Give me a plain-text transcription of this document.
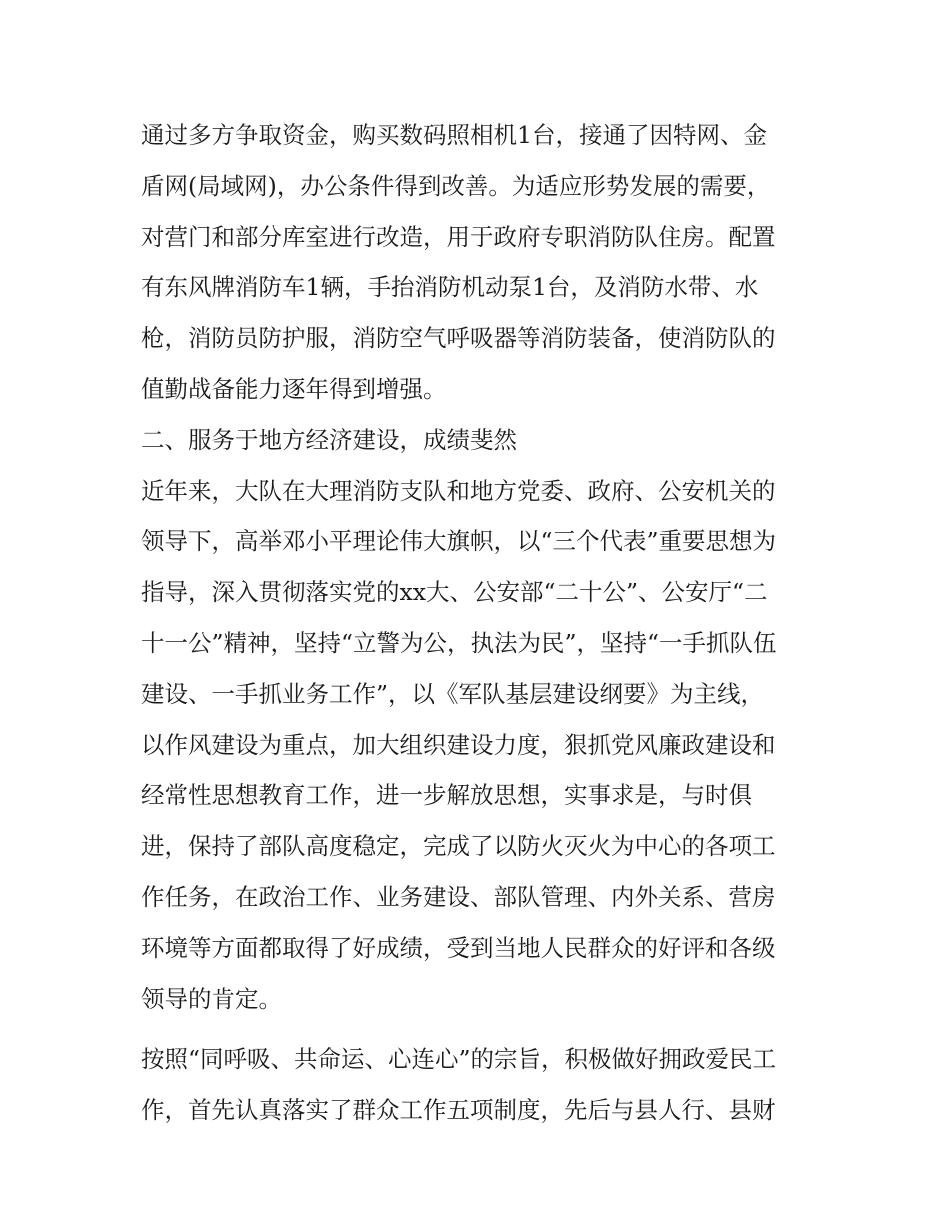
通过多方争取资金，购买数码照相机1台，接通了因特网、金
盾网(局域网)，办公条件得到改善。为适应形势发展的需要，
对营门和部分库室进行改造，用于政府专职消防队住房。配置
有东风牌消防车1辆，手抬消防机动泵1台，及消防水带、水
枪，消防员防护服，消防空气呼吸器等消防装备，使消防队的
值勤战备能力逐年得到增强。
二、服务于地方经济建设，成绩斐然
近年来，大队在大理消防支队和地方党委、政府、公安机关的
领导下，高举邓小平理论伟大旗帜，以“三个代表”重要思想为
指导，深入贯彻落实党的xx大、公安部“二十公”、公安厅“二
十一公”精神，坚持“立警为公，执法为民”，坚持“一手抓队伍
建设、一手抓业务工作”，以《军队基层建设纲要》为主线，
以作风建设为重点，加大组织建设力度，狠抓党风廉政建设和
经常性思想教育工作，进一步解放思想，实事求是，与时俱
进，保持了部队高度稳定，完成了以防火灭火为中心的各项工
作任务，在政治工作、业务建设、部队管理、内外关系、营房
环境等方面都取得了好成绩，受到当地人民群众的好评和各级
领导的肯定。
按照“同呼吸、共命运、心连心”的宗旨，积极做好拥政爱民工
作，首先认真落实了群众工作五项制度，先后与县人行、县财
